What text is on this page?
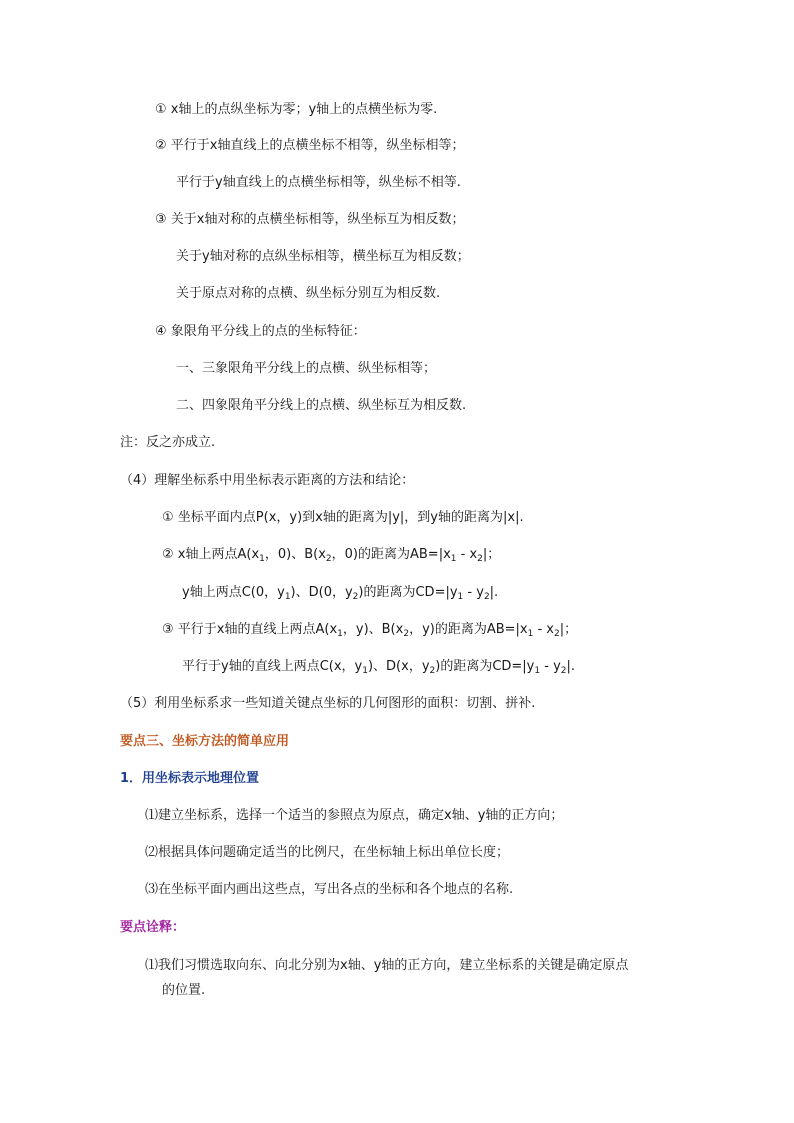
① x轴上的点纵坐标为零；y轴上的点横坐标为零.
② 平行于x轴直线上的点横坐标不相等，纵坐标相等；
平行于y轴直线上的点横坐标相等，纵坐标不相等.
③ 关于x轴对称的点横坐标相等，纵坐标互为相反数；
关于y轴对称的点纵坐标相等，横坐标互为相反数；
关于原点对称的点横、纵坐标分别互为相反数.
④ 象限角平分线上的点的坐标特征：
一、三象限角平分线上的点横、纵坐标相等；
二、四象限角平分线上的点横、纵坐标互为相反数.
注：反之亦成立.
（4）理解坐标系中用坐标表示距离的方法和结论：
① 坐标平面内点P(x，y)到x轴的距离为|y|，到y轴的距离为|x|.
② x轴上两点$A(x_1$，0)、$B(x_2$，0)的距离为$AB=|x_1 - x_2|$；
y轴上两点C(0，$y_1$)、D(0，$y_2$)的距离为$CD=|y_1 - y_2|$.
③ 平行于x轴的直线上两点$A(x_1$，y)、$B(x_2$，y)的距离为$AB=|x_1 - x_2|$；
平行于y轴的直线上两点C(x，$y_1$)、D(x，$y_2$)的距离为$CD=|y_1 - y_2|$.
（5）利用坐标系求一些知道关键点坐标的几何图形的面积：切割、拼补.
要点三、坐标方法的简单应用
1．用坐标表示地理位置
⑴建立坐标系，选择一个适当的参照点为原点，确定x轴、y轴的正方向；
⑵根据具体问题确定适当的比例尺，在坐标轴上标出单位长度；
⑶在坐标平面内画出这些点，写出各点的坐标和各个地点的名称.
要点诠释：
⑴我们习惯选取向东、向北分别为x轴、y轴的正方向，建立坐标系的关键是确定原点
的位置.
